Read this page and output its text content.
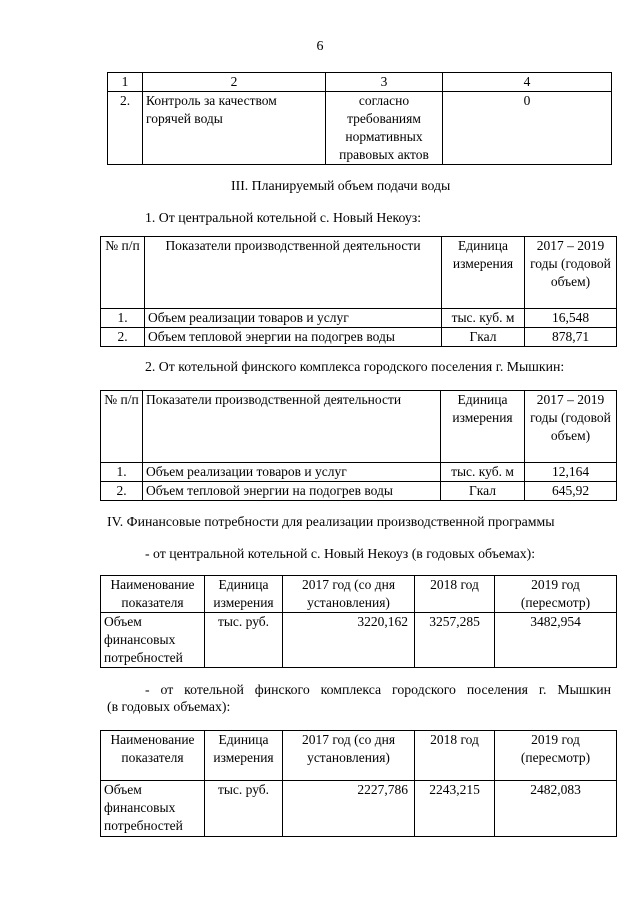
6
1	2	3	4
2.	Контроль за качеством горячей воды	согласно требованиям нормативных правовых актов	0
III. Планируемый объем подачи воды
1. От центральной котельной с. Новый Некоуз:
№ п/п	Показатели производственной деятельности	Единица измерения	2017 – 2019 годы (годовой объем)
1.	Объем реализации товаров и услуг	тыс. куб. м	16,548
2.	Объем тепловой энергии на подогрев воды	Гкал	878,71
2. От котельной финского комплекса городского поселения г. Мышкин:
№ п/п	Показатели производственной деятельности	Единица измерения	2017 – 2019 годы (годовой объем)
1.	Объем реализации товаров и услуг	тыс. куб. м	12,164
2.	Объем тепловой энергии на подогрев воды	Гкал	645,92
IV. Финансовые потребности для реализации производственной программы
- от центральной котельной с. Новый Некоуз (в годовых объемах):
Наименование показателя	Единица измерения	2017 год (со дня установления)	2018 год	2019 год (пересмотр)
Объем финансовых потребностей	тыс. руб.	3220,162	3257,285	3482,954
- от котельной финского комплекса городского поселения г. Мышкин
(в годовых объемах):
Наименование показателя	Единица измерения	2017 год (со дня установления)	2018 год	2019 год (пересмотр)
Объем финансовых потребностей	тыс. руб.	2227,786	2243,215	2482,083
